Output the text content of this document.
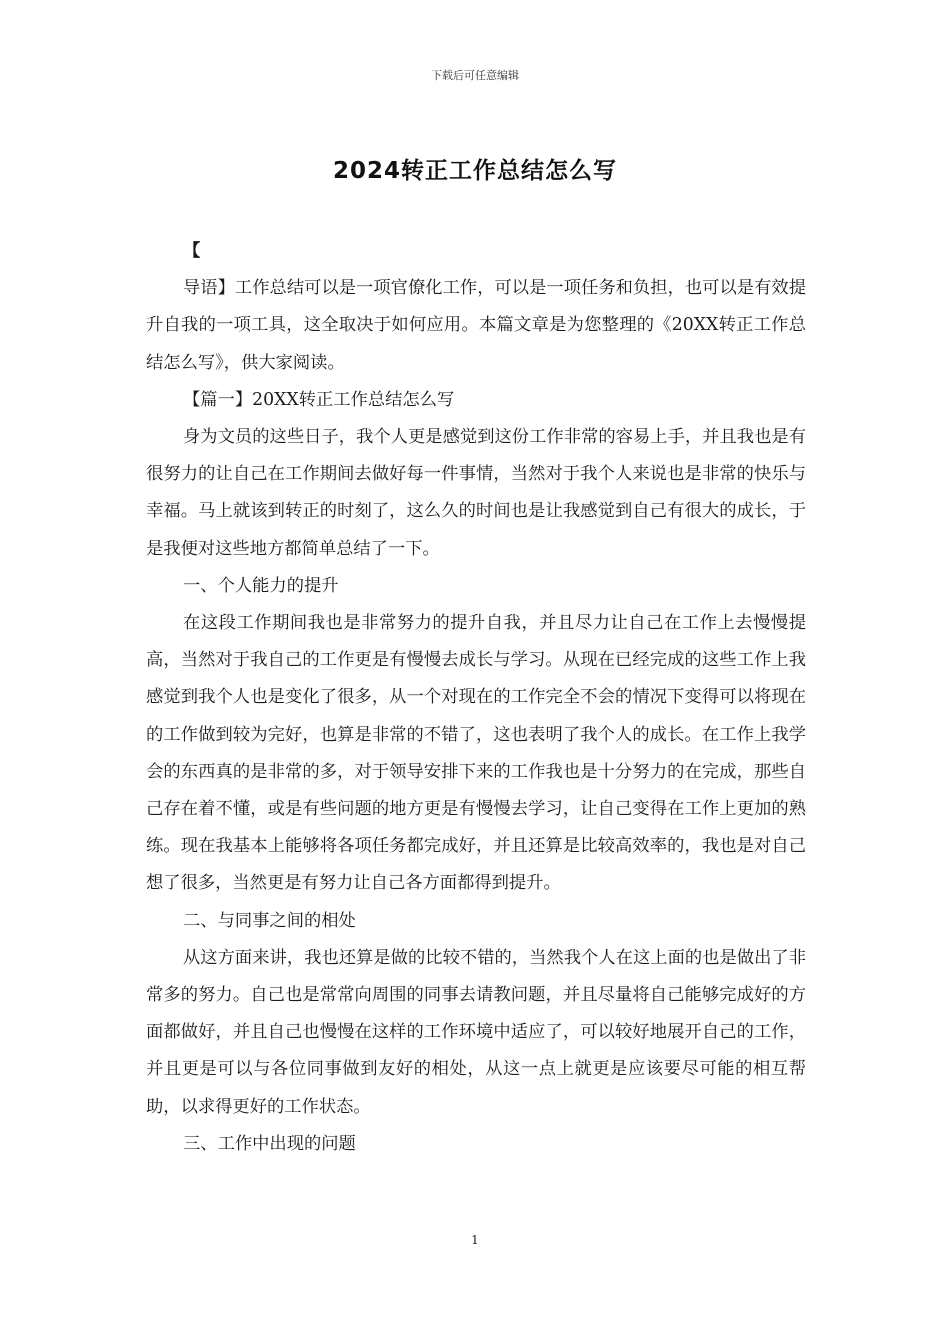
下载后可任意编辑
2024转正工作总结怎么写

【

导语】工作总结可以是一项官僚化工作，可以是一项任务和负担，也可以是有效提升自我的一项工具，这全取决于如何应用。本篇文章是为您整理的《20XX转正工作总结怎么写》，供大家阅读。

【篇一】20XX转正工作总结怎么写

身为文员的这些日子，我个人更是感觉到这份工作非常的容易上手，并且我也是有很努力的让自己在工作期间去做好每一件事情，当然对于我个人来说也是非常的快乐与幸福。马上就该到转正的时刻了，这么久的时间也是让我感觉到自己有很大的成长，于是我便对这些地方都简单总结了一下。

一、个人能力的提升

在这段工作期间我也是非常努力的提升自我，并且尽力让自己在工作上去慢慢提高，当然对于我自己的工作更是有慢慢去成长与学习。从现在已经完成的这些工作上我感觉到我个人也是变化了很多，从一个对现在的工作完全不会的情况下变得可以将现在的工作做到较为完好，也算是非常的不错了，这也表明了我个人的成长。在工作上我学会的东西真的是非常的多，对于领导安排下来的工作我也是十分努力的在完成，那些自己存在着不懂，或是有些问题的地方更是有慢慢去学习，让自己变得在工作上更加的熟练。现在我基本上能够将各项任务都完成好，并且还算是比较高效率的，我也是对自己想了很多，当然更是有努力让自己各方面都得到提升。

二、与同事之间的相处

从这方面来讲，我也还算是做的比较不错的，当然我个人在这上面的也是做出了非常多的努力。自己也是常常向周围的同事去请教问题，并且尽量将自己能够完成好的方面都做好，并且自己也慢慢在这样的工作环境中适应了，可以较好地展开自己的工作，并且更是可以与各位同事做到友好的相处，从这一点上就更是应该要尽可能的相互帮助，以求得更好的工作状态。

三、工作中出现的问题

1
